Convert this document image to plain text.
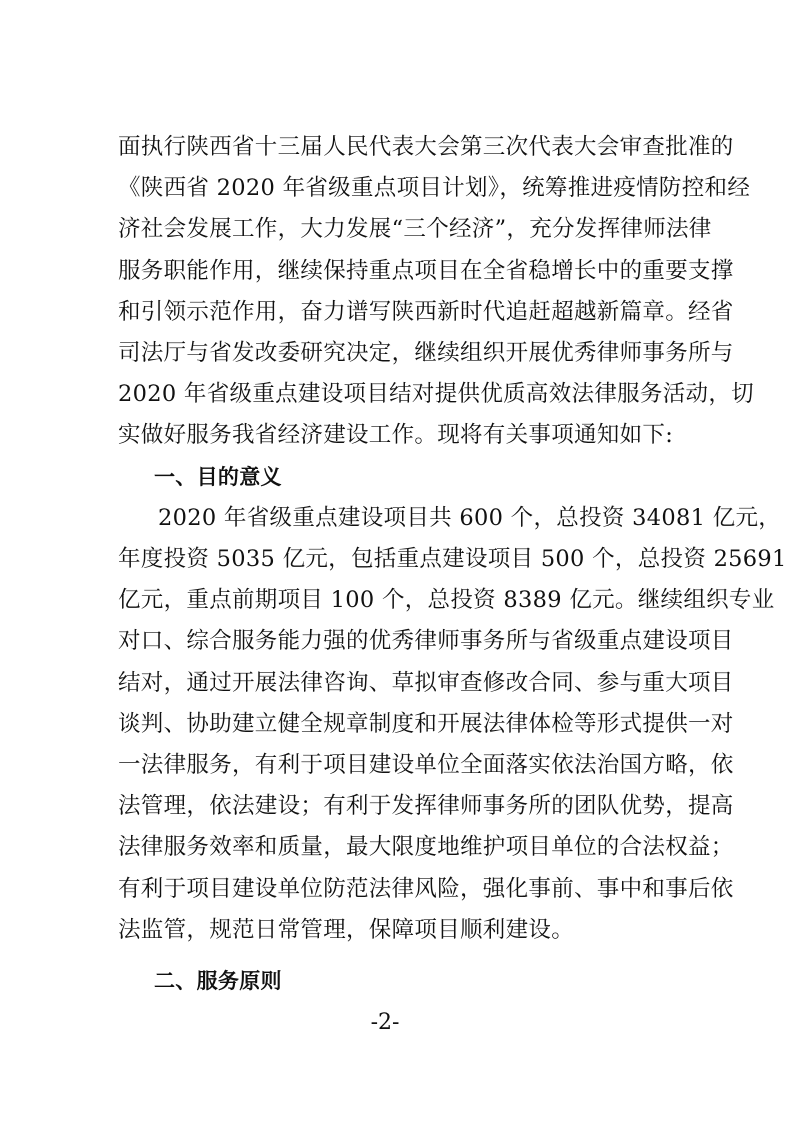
面执行陕西省十三届人民代表大会第三次代表大会审查批准的
《陕西省 2020 年省级重点项目计划》，统筹推进疫情防控和经
济社会发展工作，大力发展“三个经济”，充分发挥律师法律
服务职能作用，继续保持重点项目在全省稳增长中的重要支撑
和引领示范作用，奋力谱写陕西新时代追赶超越新篇章。经省
司法厅与省发改委研究决定，继续组织开展优秀律师事务所与
2020 年省级重点建设项目结对提供优质高效法律服务活动，切
实做好服务我省经济建设工作。现将有关事项通知如下:
一、目的意义
2020 年省级重点建设项目共 600 个，总投资 34081 亿元，
年度投资 5035 亿元，包括重点建设项目 500 个，总投资 25691
亿元，重点前期项目 100 个，总投资 8389 亿元。继续组织专业
对口、综合服务能力强的优秀律师事务所与省级重点建设项目
结对，通过开展法律咨询、草拟审查修改合同、参与重大项目
谈判、协助建立健全规章制度和开展法律体检等形式提供一对
一法律服务，有利于项目建设单位全面落实依法治国方略，依
法管理，依法建设；有利于发挥律师事务所的团队优势，提高
法律服务效率和质量，最大限度地维护项目单位的合法权益；
有利于项目建设单位防范法律风险，强化事前、事中和事后依
法监管，规范日常管理，保障项目顺利建设。
二、服务原则
-2-
